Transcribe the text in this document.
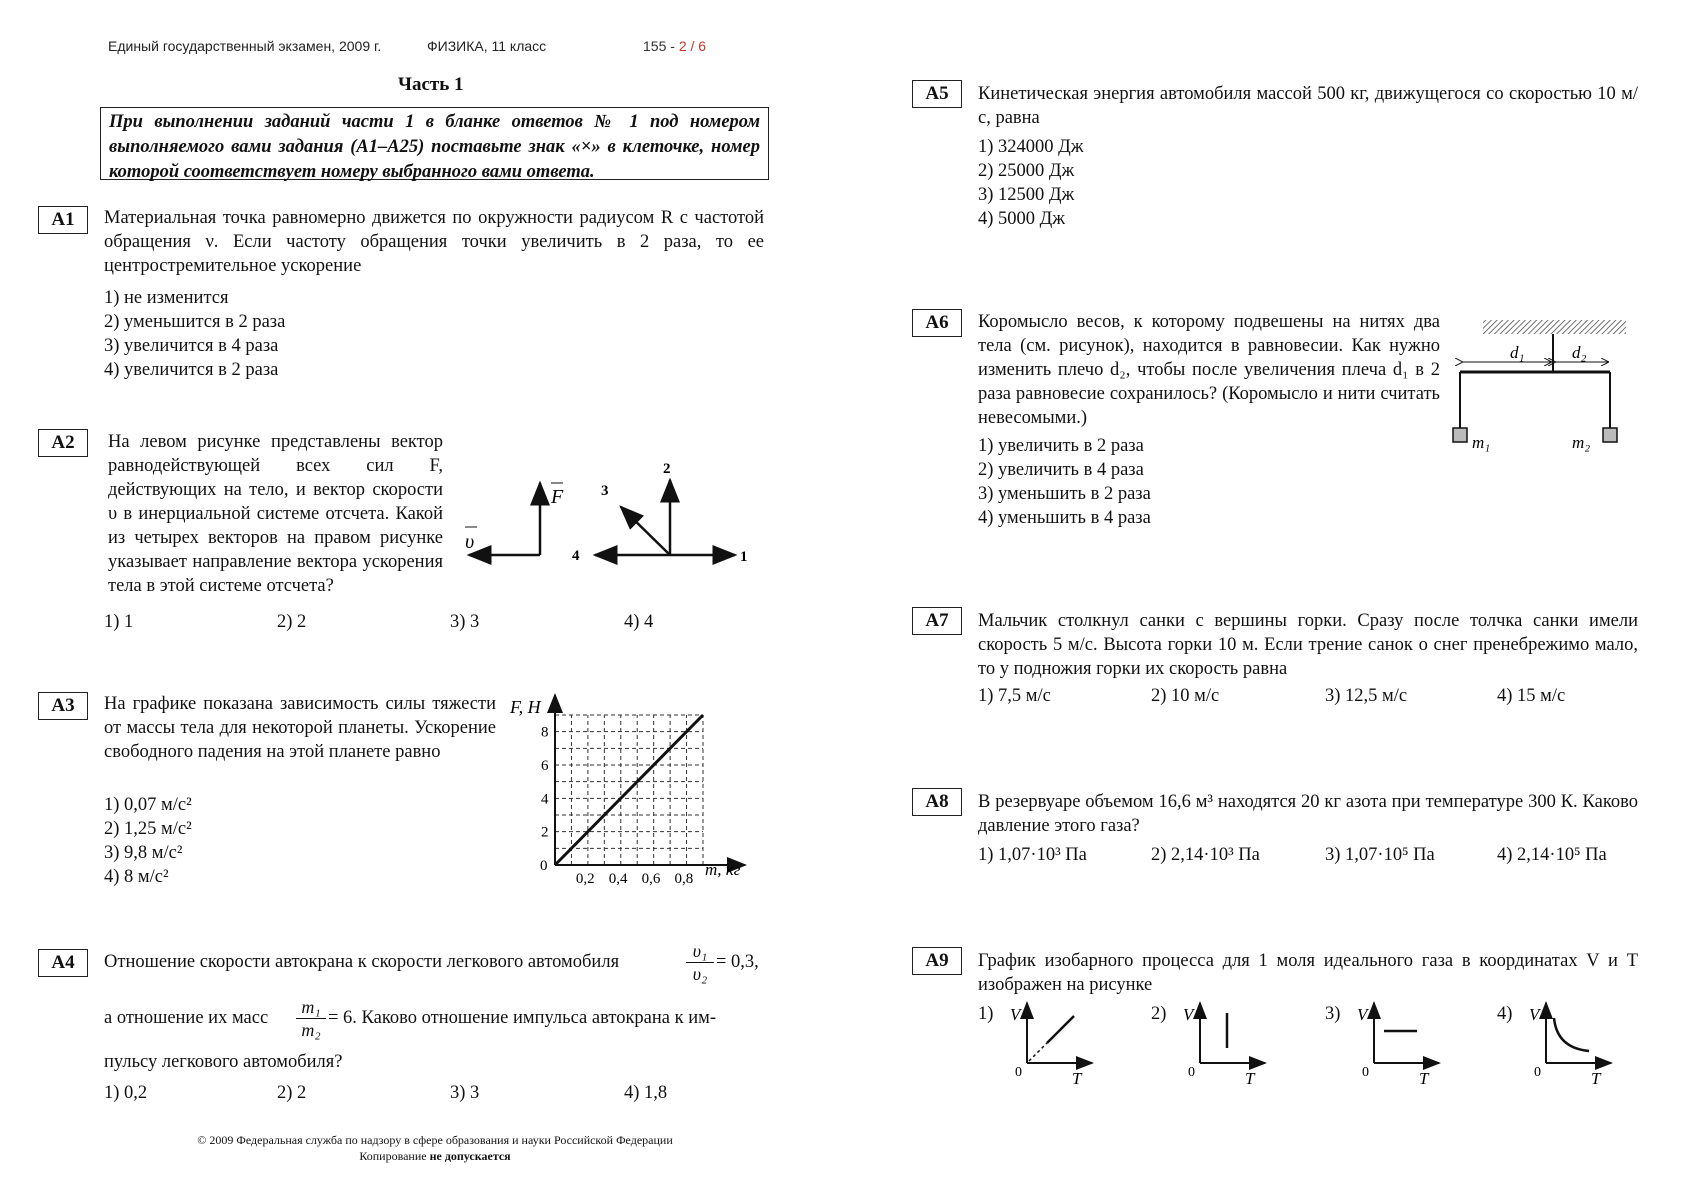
Единый государственный экзамен, 2009 г.	ФИЗИКА, 11 класс	155 - 2 / 6
Часть 1
При выполнении заданий части 1 в бланке ответов № 1 под номером выполняемого вами задания (А1–А25) поставьте знак «×» в клеточке, номер которой соответствует номеру выбранного вами ответа.
А1	Материальная точка равномерно движется по окружности радиусом R с частотой обращения ν. Если частоту обращения точки увеличить в 2 раза, то ее центростремительное ускорение
1) не изменится
2) уменьшится в 2 раза
3) увеличится в 4 раза
4) увеличится в 2 раза
А2	На левом рисунке представлены вектор равнодействующей всех сил F, действующих на тело, и вектор скорости υ в инерциальной системе отсчета. Какой из четырех векторов на правом рисунке указывает направление вектора ускорения тела в этой системе отсчета?
F
υ
1
2
3
4
1) 1	2) 2	3) 3	4) 4
А3	На графике показана зависимость силы тяжести от массы тела для некоторой планеты. Ускорение свободного падения на этой планете равно
1) 0,07 м/с²
2) 1,25 м/с²
3) 9,8 м/с²
4) 8 м/с²	0,2 0,4 0,6 0,8
2
4
6
8
F, Н
m, кг
0
А4	Отношение скорости автокрана к скорости легкового автомобиля	$\frac{\text{υ₁}}{\text{υ₂}} = 0,3$,
а отношение их масс $\frac{\text{m₁}}{\text{m₂}} = 6$. Каково отношение импульса автокрана к им-
пульсу легкового автомобиля?
1) 0,2	2) 2	3) 3	4) 1,8
© 2009 Федеральная служба по надзору в сфере образования и науки Российской Федерации
Копирование не допускается
А5	Кинетическая энергия автомобиля массой 500 кг, движущегося со скоростью 10 м/с, равна
1) 324000 Дж
2) 25000 Дж
3) 12500 Дж
4) 5000 Дж
А6	Коромысло весов, к которому подвешены на нитях два тела (см. рисунок), находится в равновесии. Как нужно изменить плечо d₂, чтобы после увеличения плеча d₁ в 2 раза равновесие сохранилось? (Коромысло и нити считать невесомыми.)
1) увеличить в 2 раза
2) увеличить в 4 раза
3) уменьшить в 2 раза
4) уменьшить в 4 раза
d₁	d₂
m₁	m₂
А7	Мальчик столкнул санки с вершины горки. Сразу после толчка санки имели скорость 5 м/с. Высота горки 10 м. Если трение санок о снег пренебрежимо мало, то у подножия горки их скорость равна
1) 7,5 м/с	2) 10 м/с	3) 12,5 м/с	4) 15 м/с
А8	В резервуаре объемом 16,6 м³ находятся 20 кг азота при температуре 300 К. Каково давление этого газа?
1) 1,07·10³ Па	2) 2,14·10³ Па	3) 1,07·10⁵ Па	4) 2,14·10⁵ Па
А9	График изобарного процесса для 1 моля идеального газа в координатах V и T изображен на рисунке
1)	2)	3)	4)
V
T
0
V
T
0
V
T
0
V
T
0
